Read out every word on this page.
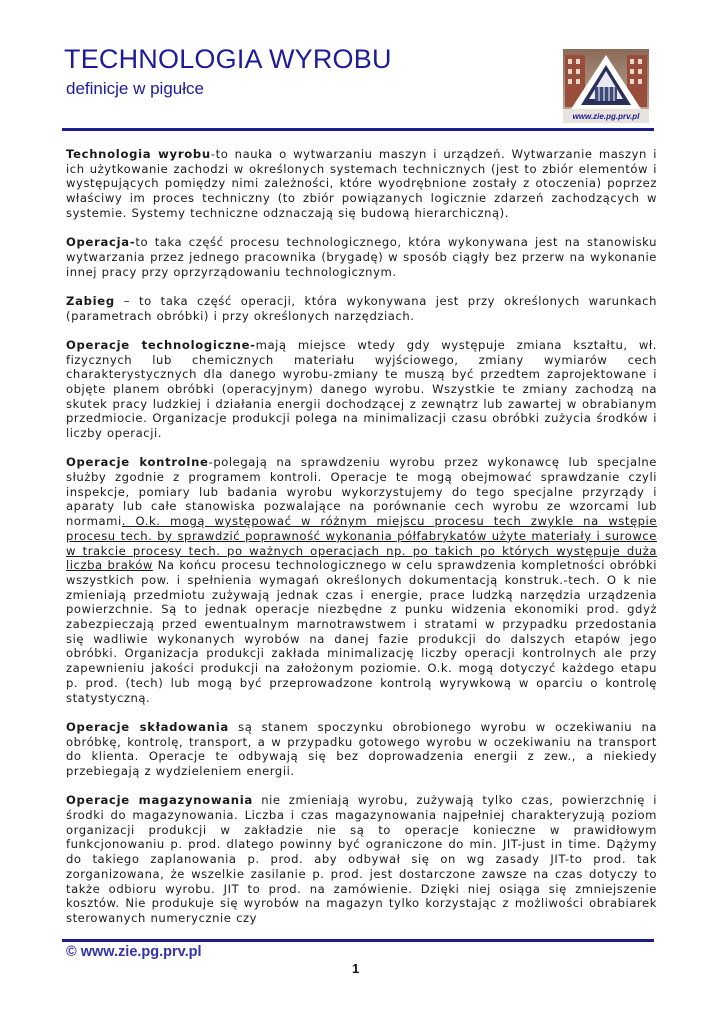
TECHNOLOGIA WYROBU
definicje w pigułce
www.zie.pg.prv.pl

Technologia wyrobu-to nauka o wytwarzaniu maszyn i urządzeń. Wytwarzanie maszyn i ich użytkowanie zachodzi w określonych systemach technicznych (jest to zbiór elementów i występujących pomiędzy nimi zależności, które wyodrębnione zostały z otoczenia) poprzez właściwy im proces techniczny (to zbiór powiązanych logicznie zdarzeń zachodzących w systemie. Systemy techniczne odznaczają się budową hierarchiczną).

Operacja-to taka część procesu technologicznego, która wykonywana jest na stanowisku wytwarzania przez jednego pracownika (brygadę) w sposób ciągły bez przerw na wykonanie innej pracy przy oprzyrządowaniu technologicznym.

Zabieg – to taka część operacji, która wykonywana jest przy określonych warunkach (parametrach obróbki) i przy określonych narzędziach.

Operacje technologiczne-mają miejsce wtedy gdy występuje zmiana kształtu, wł. fizycznych lub chemicznych materiału wyjściowego, zmiany wymiarów cech charakterystycznych dla danego wyrobu-zmiany te muszą być przedtem zaprojektowane i objęte planem obróbki (operacyjnym) danego wyrobu. Wszystkie te zmiany zachodzą na skutek pracy ludzkiej i działania energii dochodzącej z zewnątrz lub zawartej w obrabianym przedmiocie. Organizacje produkcji polega na minimalizacji czasu obróbki zużycia środków i liczby operacji.

Operacje kontrolne-polegają na sprawdzeniu wyrobu przez wykonawcę lub specjalne służby zgodnie z programem kontroli. Operacje te mogą obejmować sprawdzanie czyli inspekcje, pomiary lub badania wyrobu wykorzystujemy do tego specjalne przyrządy i aparaty lub całe stanowiska pozwalające na porównanie cech wyrobu ze wzorcami lub normami. O.k. mogą występować w różnym miejscu procesu tech zwykle na wstępie procesu tech. by sprawdzić poprawność wykonania półfabrykatów użyte materiały i surowce w trakcie procesy tech. po ważnych operacjach np. po takich po których występuje duża liczba braków Na końcu procesu technologicznego w celu sprawdzenia kompletności obróbki wszystkich pow. i spełnienia wymagań określonych dokumentacją konstruk.-tech. O k nie zmieniają przedmiotu zużywają jednak czas i energie, prace ludzką narzędzia urządzenia powierzchnie. Są to jednak operacje niezbędne z punku widzenia ekonomiki prod. gdyż zabezpieczają przed ewentualnym marnotrawstwem i stratami w przypadku przedostania się wadliwie wykonanych wyrobów na danej fazie produkcji do dalszych etapów jego obróbki. Organizacja produkcji zakłada minimalizację liczby operacji kontrolnych ale przy zapewnieniu jakości produkcji na założonym poziomie. O.k. mogą dotyczyć każdego etapu p. prod. (tech) lub mogą być przeprowadzone kontrolą wyrywkową w oparciu o kontrolę statystyczną.

Operacje składowania są stanem spoczynku obrobionego wyrobu w oczekiwaniu na obróbkę, kontrolę, transport, a w przypadku gotowego wyrobu w oczekiwaniu na transport do klienta. Operacje te odbywają się bez doprowadzenia energii z zew., a niekiedy przebiegają z wydzieleniem energii.

Operacje magazynowania nie zmieniają wyrobu, zużywają tylko czas, powierzchnię i środki do magazynowania. Liczba i czas magazynowania najpełniej charakteryzują poziom organizacji produkcji w zakładzie nie są to operacje konieczne w prawidłowym funkcjonowaniu p. prod. dlatego powinny być ograniczone do min. JIT-just in time. Dążymy do takiego zaplanowania p. prod. aby odbywał się on wg zasady JIT-to prod. tak zorganizowana, że wszelkie zasilanie p. prod. jest dostarczone zawsze na czas dotyczy to także odbioru wyrobu. JIT to prod. na zamówienie. Dzięki niej osiąga się zmniejszenie kosztów. Nie produkuje się wyrobów na magazyn tylko korzystając z możliwości obrabiarek sterowanych numerycznie czy

© www.zie.pg.prv.pl
1
